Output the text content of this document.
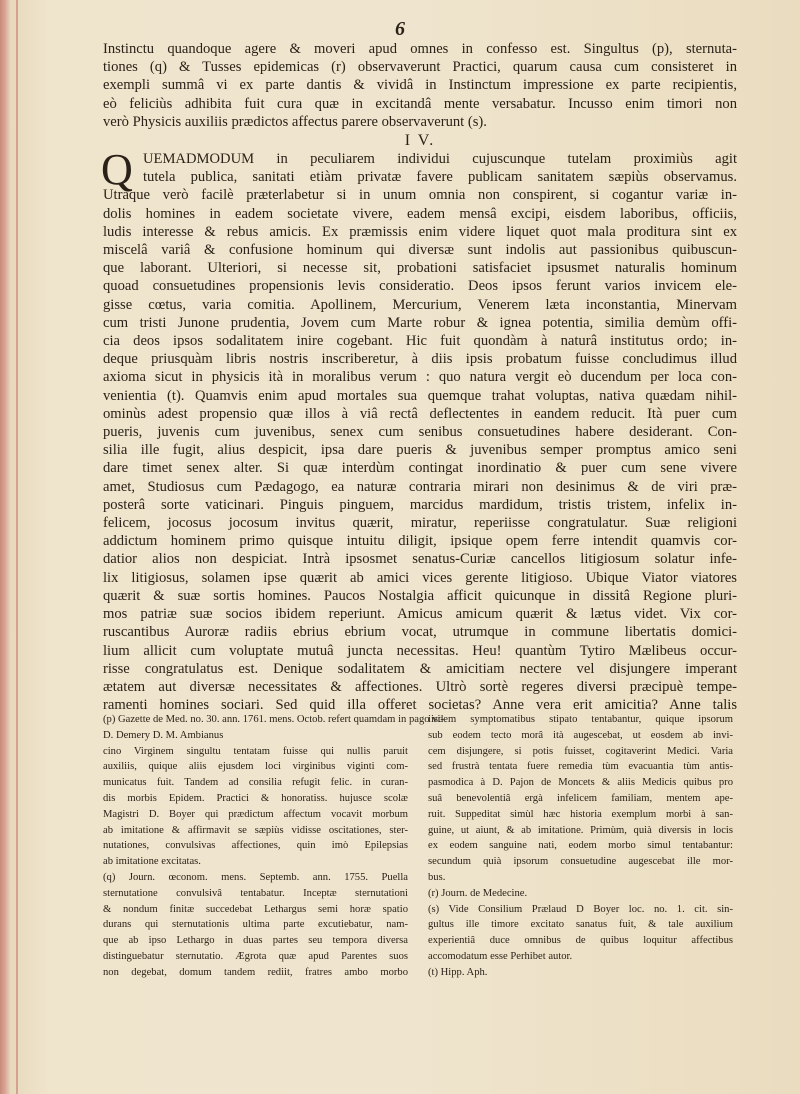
6
Instinctu quandoque agere & moveri apud omnes in confesso est. Singultus (p), sternuta-
tiones (q) & Tusses epidemicas (r) observaverunt Practici, quarum causa cum consisteret in
exempli summâ vi ex parte dantis & vividâ in Instinctum impressione ex parte recipientis,
eò feliciùs adhibita fuit cura quæ in excitandâ mente versabatur. Incusso enim timori non
verò Physicis auxiliis prædictos affectus parere observaverunt (s).
I V.
Q UEMADMODUM in peculiarem individui cujuscunque tutelam proximiùs agit
tutela publica, sanitati etiàm privatæ favere publicam sanitatem sæpiùs observamus.
Utraque verò facilè præterlabetur si in unum omnia non conspirent, si cogantur variæ in-
dolis homines in eadem societate vivere, eadem mensâ excipi, eisdem laboribus, officiis,
ludis interesse & rebus amicis. Ex præmissis enim videre liquet quot mala proditura sint ex
miscelâ variâ & confusione hominum qui diversæ sunt indolis aut passionibus quibuscun-
que laborant. Ulteriori, si necesse sit, probationi satisfaciet ipsusmet naturalis hominum
quoad consuetudines propensionis levis consideratio. Deos ipsos ferunt varios invicem ele-
gisse cœtus, varia comitia. Apollinem, Mercurium, Venerem læta inconstantia, Minervam
cum tristi Junone prudentia, Jovem cum Marte robur & ignea potentia, similia demùm offi-
cia deos ipsos sodalitatem inire cogebant. Hic fuit quondàm à naturâ institutus ordo; in-
deque priusquàm libris nostris inscriberetur, à diis ipsis probatum fuisse concludimus illud
axioma sicut in physicis ità in moralibus verum : quo natura vergit eò ducendum per loca con-
venientia (t). Quamvis enim apud mortales sua quemque trahat voluptas, nativa quædam nihil-
ominùs adest propensio quæ illos à viâ rectâ deflectentes in eandem reducit. Ità puer cum
pueris, juvenis cum juvenibus, senex cum senibus consuetudines habere desiderant. Con-
silia ille fugit, alius despicit, ipsa dare pueris & juvenibus semper promptus amico seni
dare timet senex alter. Si quæ interdùm contingat inordinatio & puer cum sene vivere
amet, Studiosus cum Pædagogo, ea naturæ contraria mirari non desinimus & de viri præ-
posterâ sorte vaticinari. Pinguis pinguem, marcidus mardidum, tristis tristem, infelix in-
felicem, jocosus jocosum invitus quærit, miratur, reperiisse congratulatur. Suæ religioni
addictum hominem primo quisque intuitu diligit, ipsique opem ferre intendit quamvis cor-
datior alios non despiciat. Intrà ipsosmet senatus-Curiæ cancellos litigiosum solatur infe-
lix litigiosus, solamen ipse quærit ab amici vices gerente litigioso. Ubique Viator viatores
quærit & suæ sortis homines. Paucos Nostalgia afficit quicunque in dissitâ Regione pluri-
mos patriæ suæ socios ibidem reperiunt. Amicus amicum quærit & lætus videt. Vix cor-
ruscantibus Auroræ radiis ebrius ebrium vocat, utrumque in commune libertatis domici-
lium allicit cum voluptate mutuâ juncta necessitas. Heu! quantùm Tytiro Mælibeus occur-
risse congratulatus est. Denique sodalitatem & amicitiam nectere vel disjungere imperant
ætatem aut diversæ necessitates & affectiones. Ultrò sortè regeres diversi præcipuè tempe-
ramenti homines sociari. Sed quid illa offeret societas? Anne vera erit amicitia? Anne talis
(p) Gazette de Med. no. 30. ann. 1761. mens. Octob. refert quamdam in pago vi-
D. Demery D. M. Ambianus
cino Virginem singultu tentatam fuisse qui nullis paruit
auxiliis, quique aliis ejusdem loci virginibus viginti com-
municatus fuit. Tandem ad consilia refugit felic. in curan-
dis morbis Epidem. Practici & honoratiss. hujusce scolæ
Magistri D. Boyer qui prædictum affectum vocavit morbum
ab imitatione & affirmavit se sæpiùs vidisse oscitationes, ster-
nutationes, convulsivas affectiones, quin imò Epilepsias
ab imitatione excitatas.
(q) Journ. œconom. mens. Septemb. ann. 1755. Puella
sternutatione convulsivâ tentabatur. Inceptæ sternutationi
& nondum finitæ succedebat Lethargus semi horæ spatio
durans qui sternutationis ultima parte excutiebatur, nam-
que ab ipso Lethargo in duas partes seu tempora diversa
distinguebatur sternutatio. Ægrota quæ apud Parentes suos
non degebat, domum tandem rediit, fratres ambo morbo
iisdem symptomatibus stipato tentabantur, quique ipsorum
sub eodem tecto morâ ità augescebat, ut eosdem ab invi-
cem disjungere, si potis fuisset, cogitaverint Medici. Varia
sed frustrà tentata fuere remedia tùm evacuantia tùm antis-
pasmodica à D. Pajon de Moncets & aliis Medicis quibus pro
suâ benevolentiâ ergà infelicem familiam, mentem ape-
ruit. Suppeditat simùl hæc historia exemplum morbi à san-
guine, ut aiunt, & ab imitatione. Primùm, quià diversis in locis
ex eodem sanguine nati, eodem morbo simul tentabantur:
secundum quià ipsorum consuetudine augescebat ille mor-
bus.
(r) Journ. de Medecine.
(s) Vide Consilium Prælaud D Boyer loc. no. 1. cit. sin-
gultus ille timore excitato sanatus fuit, & tale auxilium
experientiâ duce omnibus de quibus loquitur affectibus
accomodatum esse Perhibet autor.
(t) Hipp. Aph.
